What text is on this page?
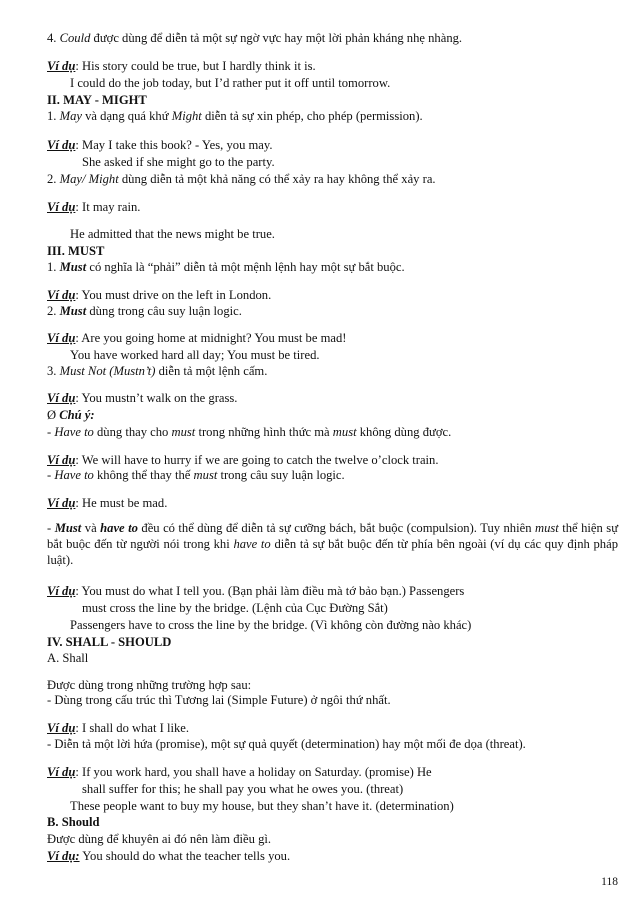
4. Could được dùng để diễn tả một sự ngờ vực hay một lời phản kháng nhẹ nhàng.
Ví dụ: His story could be true, but I hardly think it is.
I could do the job today, but I’d rather put it off until tomorrow.
II. MAY - MIGHT
1. May và dạng quá khứ Might diễn tả sự xin phép, cho phép (permission).
Ví dụ: May I take this book? - Yes, you may.
She asked if she might go to the party.
2. May/ Might dùng diễn tả một khả năng có thể xảy ra hay không thể xảy ra.
Ví dụ: It may rain.
He admitted that the news might be true.
III. MUST
1. Must có nghĩa là “phải” diễn tả một mệnh lệnh hay một sự bắt buộc.
Ví dụ: You must drive on the left in London.
2. Must dùng trong câu suy luận logic.
Ví dụ: Are you going home at midnight? You must be mad!
You have worked hard all day; You must be tired.
3. Must Not (Mustn’t) diễn tả một lệnh cấm.
Ví dụ: You mustn’t walk on the grass.
Ø Chú ý:
- Have to dùng thay cho must trong những hình thức mà must không dùng được.
Ví dụ: We will have to hurry if we are going to catch the twelve o’clock train.
- Have to không thể thay thế must trong câu suy luận logic.
Ví dụ: He must be mad.
- Must và have to đều có thể dùng để diễn tả sự cưỡng bách, bắt buộc (compulsion). Tuy nhiên must thể hiện sự bắt buộc đến từ người nói trong khi have to diễn tả sự bắt buộc đến từ phía bên ngoài (ví dụ các quy định pháp luật).
Ví dụ: You must do what I tell you. (Bạn phải làm điều mà tớ bảo bạn.) Passengers
must cross the line by the bridge. (Lệnh của Cục Đường Sắt)
Passengers have to cross the line by the bridge. (Vì không còn đường nào khác)
IV. SHALL - SHOULD
A. Shall
Được dùng trong những trường hợp sau:
- Dùng trong cấu trúc thì Tương lai (Simple Future) ở ngôi thứ nhất.
Ví dụ: I shall do what I like.
- Diễn tả một lời hứa (promise), một sự quả quyết (determination) hay một mối đe dọa (threat).
Ví dụ: If you work hard, you shall have a holiday on Saturday. (promise) He
shall suffer for this; he shall pay you what he owes you. (threat)
These people want to buy my house, but they shan’t have it. (determination)
B. Should
Được dùng để khuyên ai đó nên làm điều gì.
Ví dụ: You should do what the teacher tells you.
118
